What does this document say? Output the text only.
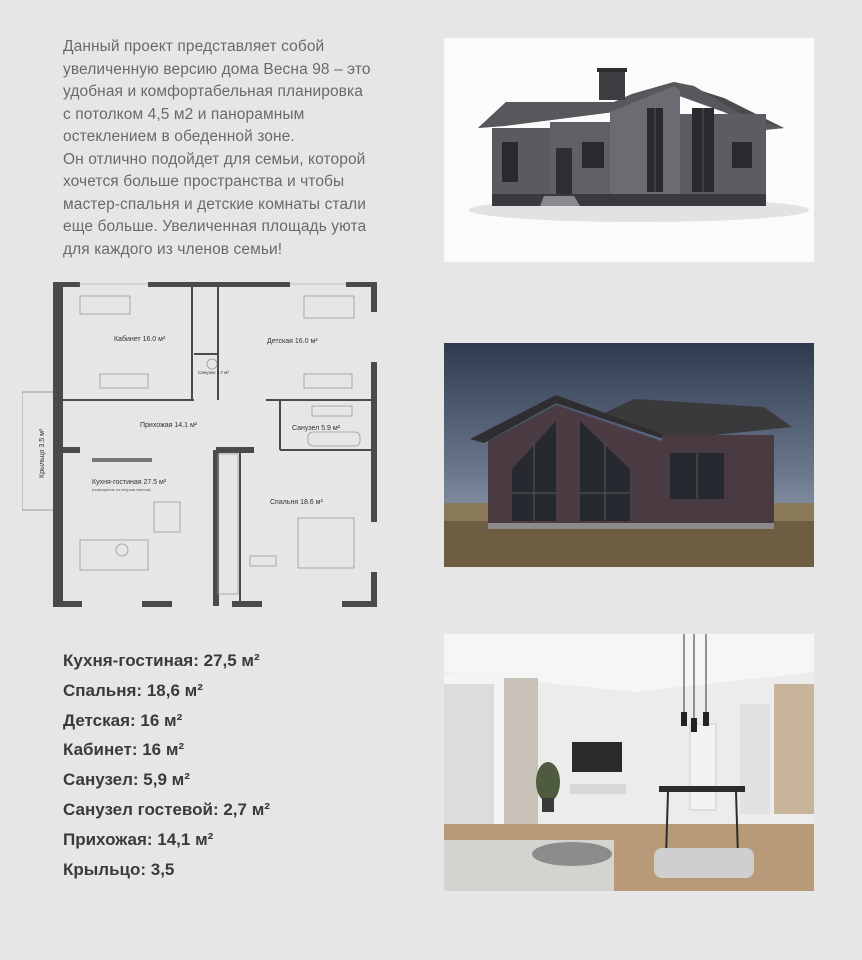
Данный проект представляет собой
увеличенную версию дома Весна 98 – это
удобная и комфортабельная планировка
с потолком 4,5 м2 и панорамным
остеклением в обеденной зоне.
Он отлично подойдет для семьи, которой
хочется больше пространства и чтобы
мастер-спальня и детские комнаты стали
еще больше. Увеличенная площадь уюта
для каждого из членов семьи!
Крыльцо 3.5 м²
Кабинет 16.0 м²	Детская 16.0 м²
Санузел 2.7 м²
Прихожая 14.1 м²	Санузел 5.9 м²
Кухня-гостиная 27.5 м²
(помещение со вторым светом)
Спальня 18.6 м²
Кухня-гостиная: 27,5 м²
Спальня: 18,6 м²
Детская: 16 м²
Кабинет: 16 м²
Санузел: 5,9 м²
Санузел гостевой: 2,7 м²
Прихожая: 14,1 м²
Крыльцо: 3,5
